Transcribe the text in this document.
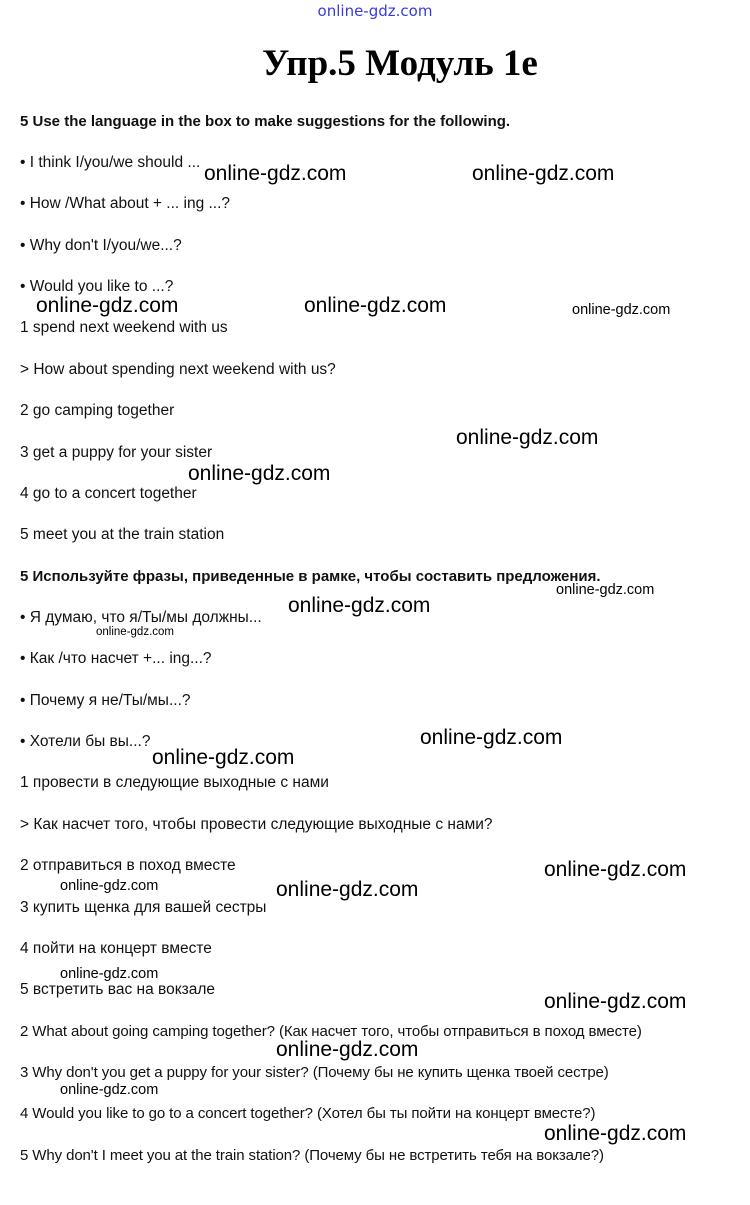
online-gdz.com
Упр.5 Модуль 1е
5 Use the language in the box to make suggestions for the following.
• I think I/you/we should ...
• How /What about + ... ing ...?
• Why don't I/you/we...?
• Would you like to ...?
1 spend next weekend with us
> How about spending next weekend with us?
2 go camping together
3 get a puppy for your sister
4 go to a concert together
5 meet you at the train station
5 Используйте фразы, приведенные в рамке, чтобы составить предложения.
• Я думаю, что я/Ты/мы должны...
• Как /что насчет +... ing...?
• Почему я не/Ты/мы...?
• Хотели бы вы...?
1 провести в следующие выходные с нами
> Как насчет того, чтобы провести следующие выходные с нами?
2 отправиться в поход вместе
3 купить щенка для вашей сестры
4 пойти на концерт вместе
5 встретить вас на вокзале
2 What about going camping together? (Как насчет того, чтобы отправиться в поход вместе)
3 Why don't you get a puppy for your sister? (Почему бы не купить щенка твоей сестре)
4 Would you like to go to a concert together? (Хотел бы ты пойти на концерт вместе?)
5 Why don't I meet you at the train station? (Почему бы не встретить тебя на вокзале?)
online-gdz.com	online-gdz.com
online-gdz.com	online-gdz.com	online-gdz.com
online-gdz.com
online-gdz.com
online-gdz.com
online-gdz.com
online-gdz.com
online-gdz.com
online-gdz.com
online-gdz.com
online-gdz.com	online-gdz.com
online-gdz.com
online-gdz.com
online-gdz.com
online-gdz.com
online-gdz.com
